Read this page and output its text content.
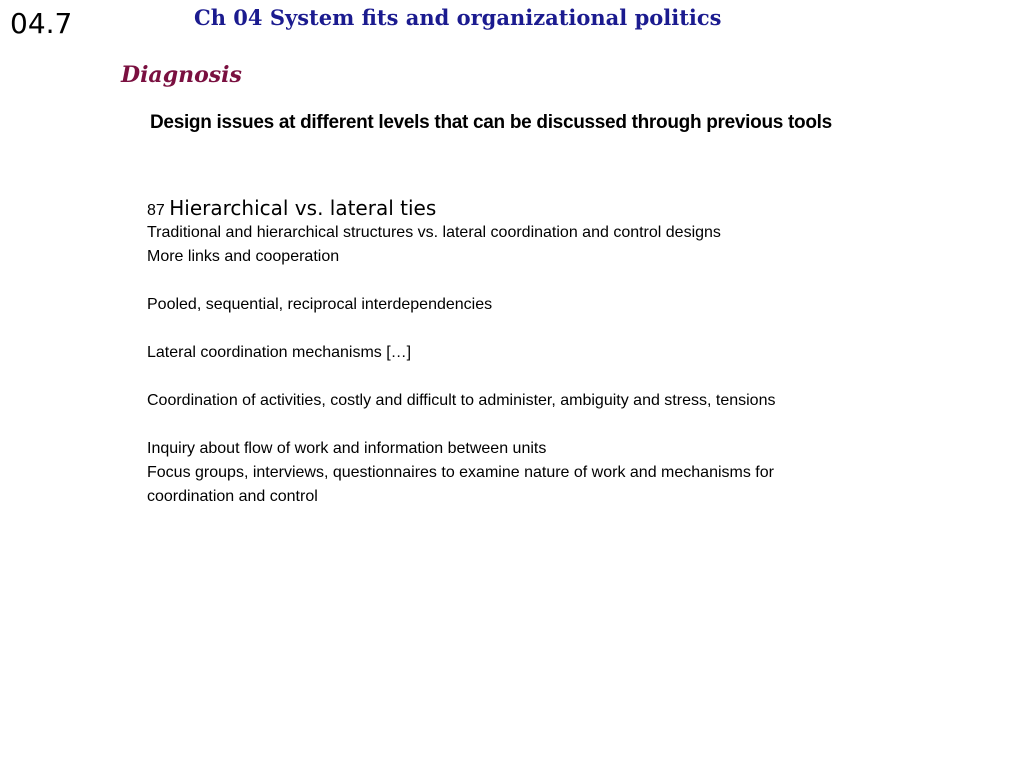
04.7	Ch 04 System fits and organizational politics
Diagnosis
Design issues at different levels that can be discussed through previous tools
87 Hierarchical vs. lateral ties

Traditional and hierarchical structures vs. lateral coordination and control designs

More links and cooperation

Pooled, sequential, reciprocal interdependencies

Lateral coordination mechanisms […]

Coordination of activities, costly and difficult to administer, ambiguity and stress, tensions

Inquiry about flow of work and information between units

Focus groups, interviews, questionnaires to examine nature of work and mechanisms for coordination and control
